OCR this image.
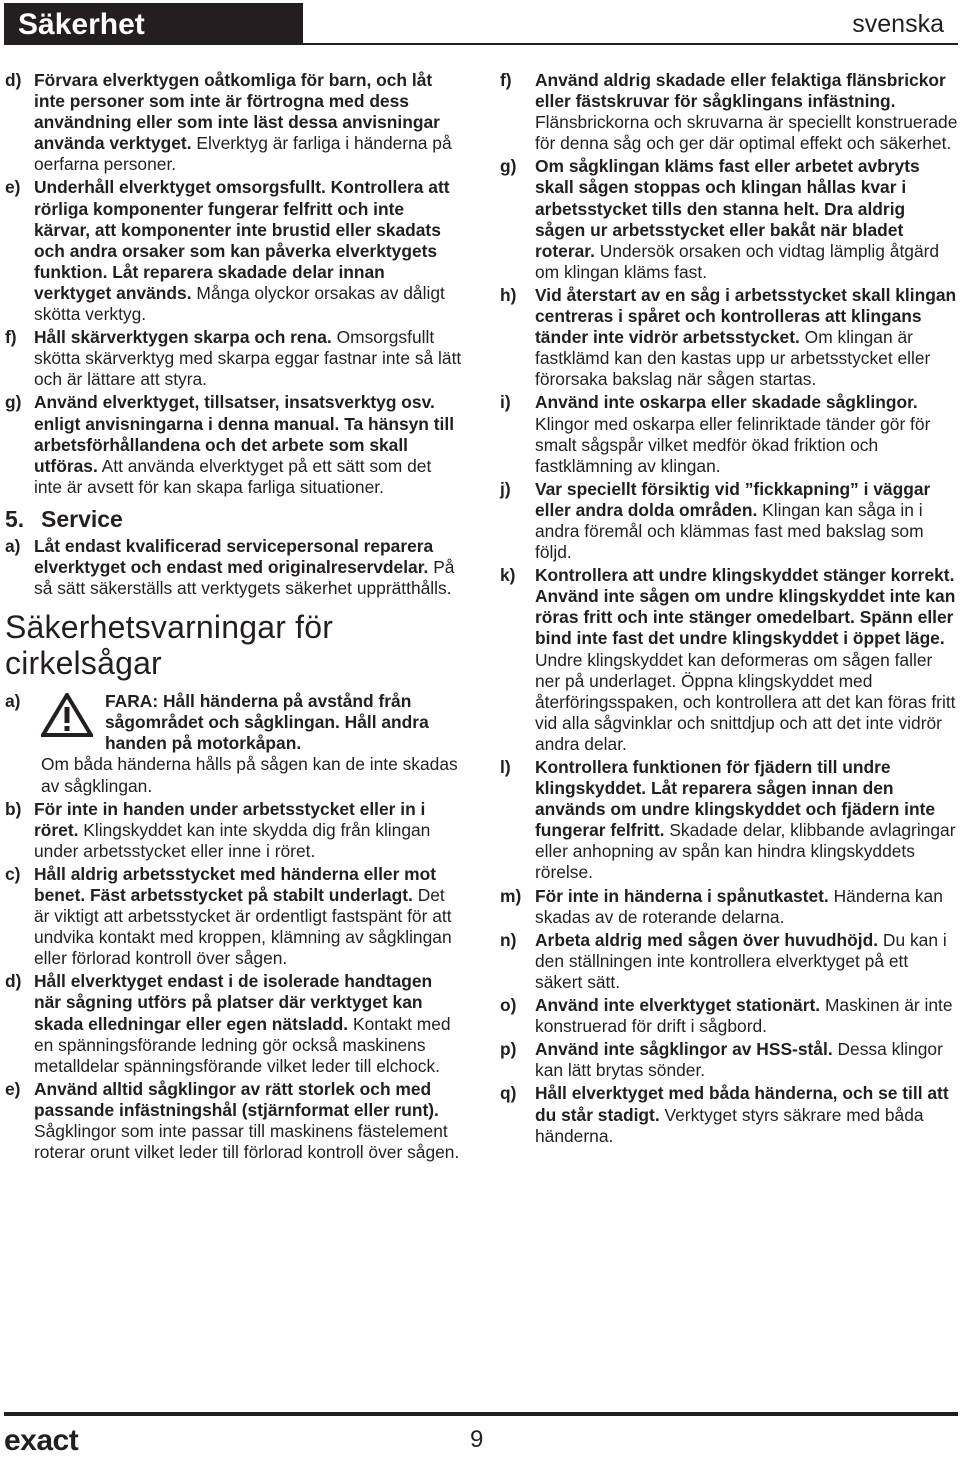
Säkerhet	svenska
d) Förvara elverktygen oåtkomliga för barn, och låt inte personer som inte är förtrogna med dess användning eller som inte läst dessa anvisningar använda verktyget. Elverktyg är farliga i händerna på oerfarna personer.
e) Underhåll elverktyget omsorgsfullt. Kontrollera att rörliga komponenter fungerar felfritt och inte kärvar, att komponenter inte brustid eller skadats och andra orsaker som kan påverka elverktygets funktion. Låt reparera skadade delar innan verktyget används. Många olyckor orsakas av dåligt skötta verktyg.
f) Håll skärverktygen skarpa och rena. Omsorgsfullt skötta skärverktyg med skarpa eggar fastnar inte så lätt och är lättare att styra.
g) Använd elverktyget, tillsatser, insatsverktyg osv. enligt anvisningarna i denna manual. Ta hänsyn till arbetsförhållandena och det arbete som skall utföras. Att använda elverktyget på ett sätt som det inte är avsett för kan skapa farliga situationer.
5. Service
a) Låt endast kvalificerad servicepersonal reparera elverktyget och endast med originalreservdelar. På så sätt säkerställs att verktygets säkerhet upprätthålls.
Säkerhetsvarningar för cirkelsågar
a)	FARA: Håll händerna på avstånd från sågområdet och sågklingan. Håll andra handen på motorkåpan.
Om båda händerna hålls på sågen kan de inte skadas av sågklingan.
b) För inte in handen under arbetsstycket eller in i röret. Klingskyddet kan inte skydda dig från klingan under arbetsstycket eller inne i röret.
c) Håll aldrig arbetsstycket med händerna eller mot benet. Fäst arbetsstycket på stabilt underlagt. Det är viktigt att arbetsstycket är ordentligt fastspänt för att undvika kontakt med kroppen, klämning av sågklingan eller förlorad kontroll över sågen.
d) Håll elverktyget endast i de isolerade handtagen när sågning utförs på platser där verktyget kan skada elledningar eller egen nätsladd. Kontakt med en spänningsförande ledning gör också maskinens metalldelar spänningsförande vilket leder till elchock.
e) Använd alltid sågklingor av rätt storlek och med passande infästningshål (stjärnformat eller runt). Sågklingor som inte passar till maskinens fästelement roterar orunt vilket leder till förlorad kontroll över sågen.
f) Använd aldrig skadade eller felaktiga flänsbrickor eller fästskruvar för sågklingans infästning. Flänsbrickorna och skruvarna är speciellt konstruerade för denna såg och ger där optimal effekt och säkerhet.
g) Om sågklingan kläms fast eller arbetet avbryts skall sågen stoppas och klingan hållas kvar i arbetsstycket tills den stanna helt. Dra aldrig sågen ur arbetsstycket eller bakåt när bladet roterar. Undersök orsaken och vidtag lämplig åtgärd om klingan kläms fast.
h) Vid återstart av en såg i arbetsstycket skall klingan centreras i spåret och kontrolleras att klingans tänder inte vidrör arbetsstycket. Om klingan är fastklämd kan den kastas upp ur arbetsstycket eller förorsaka bakslag när sågen startas.
i) Använd inte oskarpa eller skadade sågklingor. Klingor med oskarpa eller felinriktade tänder gör för smalt sågspår vilket medför ökad friktion och fastklämning av klingan.
j) Var speciellt försiktig vid ”fickkapning” i väggar eller andra dolda områden. Klingan kan såga in i andra föremål och klämmas fast med bakslag som följd.
k) Kontrollera att undre klingskyddet stänger korrekt. Använd inte sågen om undre klingskyddet inte kan röras fritt och inte stänger omedelbart. Spänn eller bind inte fast det undre klingskyddet i öppet läge. Undre klingskyddet kan deformeras om sågen faller ner på underlaget. Öppna klingskyddet med återföringsspaken, och kontrollera att det kan föras fritt vid alla sågvinklar och snittdjup och att det inte vidrör andra delar.
l) Kontrollera funktionen för fjädern till undre klingskyddet. Låt reparera sågen innan den används om undre klingskyddet och fjädern inte fungerar felfritt. Skadade delar, klibbande avlagringar eller anhopning av spån kan hindra klingskyddets rörelse.
m) För inte in händerna i spånutkastet. Händerna kan skadas av de roterande delarna.
n) Arbeta aldrig med sågen över huvudhöjd. Du kan i den ställningen inte kontrollera elverktyget på ett säkert sätt.
o) Använd inte elverktyget stationärt. Maskinen är inte konstruerad för drift i sågbord.
p) Använd inte sågklingor av HSS-stål. Dessa klingor kan lätt brytas sönder.
q) Håll elverktyget med båda händerna, och se till att du står stadigt. Verktyget styrs säkrare med båda händerna.
exact	9
